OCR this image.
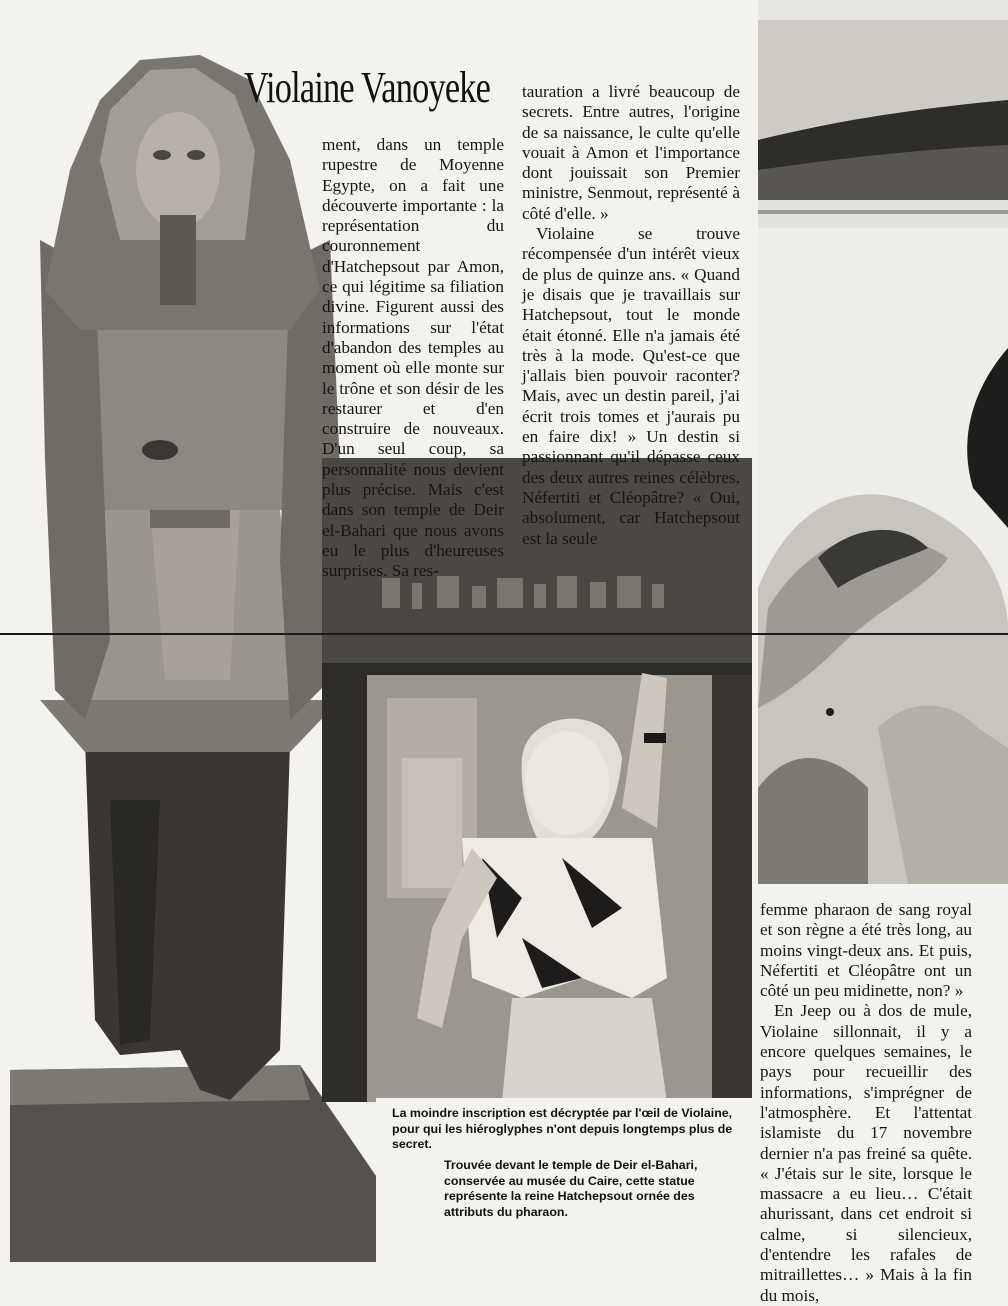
Violaine Vanoyeke

ment, dans un temple rupestre de Moyenne Egypte, on a fait une découverte importante : la représentation du couronnement d'Hatchepsout par Amon, ce qui légitime sa filiation divine. Figurent aussi des informations sur l'état d'abandon des temples au moment où elle monte sur le trône et son désir de les restaurer et d'en construire de nouveaux. D'un seul coup, sa personnalité nous devient plus précise. Mais c'est dans son temple de Deir el-Bahari que nous avons eu le plus d'heureuses surprises. Sa res-

tauration a livré beaucoup de secrets. Entre autres, l'origine de sa naissance, le culte qu'elle vouait à Amon et l'importance dont jouissait son Premier ministre, Senmout, représenté à côté d'elle. »

Violaine se trouve récompensée d'un intérêt vieux de plus de quinze ans. « Quand je disais que je travaillais sur Hatchepsout, tout le monde était étonné. Elle n'a jamais été très à la mode. Qu'est-ce que j'allais bien pouvoir raconter? Mais, avec un destin pareil, j'ai écrit trois tomes et j'aurais pu en faire dix! » Un destin si passionnant qu'il dépasse ceux des deux autres reines célèbres, Néfertiti et Cléopâtre? « Oui, absolument, car Hatchepsout est la seule

femme pharaon de sang royal et son règne a été très long, au moins vingt-deux ans. Et puis, Néfertiti et Cléopâtre ont un côté un peu midinette, non? »

En Jeep ou à dos de mule, Violaine sillonnait, il y a encore quelques semaines, le pays pour recueillir des informations, s'imprégner de l'atmosphère. Et l'attentat islamiste du 17 novembre dernier n'a pas freiné sa quête. « J'étais sur le site, lorsque le massacre a eu lieu… C'était ahurissant, dans cet endroit si calme, si silencieux, d'entendre les rafales de mitraillettes… » Mais à la fin du mois,

La moindre inscription est décryptée par l'œil de Violaine, pour qui les hiéroglyphes n'ont depuis longtemps plus de secret.
Trouvée devant le temple de Deir el-Bahari, conservée au musée du Caire, cette statue représente la reine Hatchepsout ornée des attributs du pharaon.
